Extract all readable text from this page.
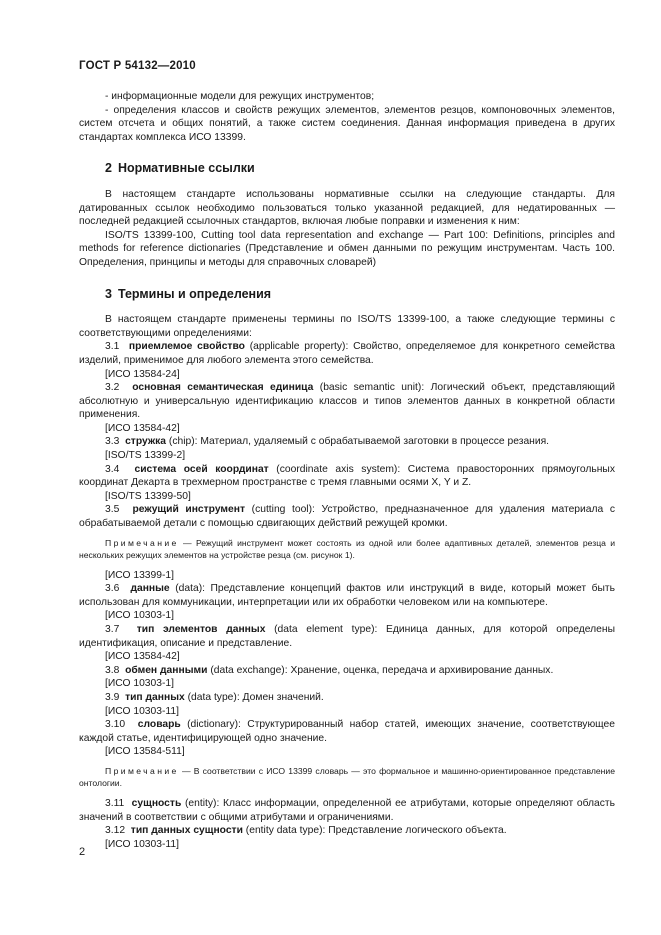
ГОСТ Р 54132—2010

- информационные модели для режущих инструментов;

- определения классов и свойств режущих элементов, элементов резцов, компоновочных элементов, систем отсчета и общих понятий, а также систем соединения. Данная информация приведена в других стандартах комплекса ИСО 13399.

2 Нормативные ссылки

В настоящем стандарте использованы нормативные ссылки на следующие стандарты. Для датированных ссылок необходимо пользоваться только указанной редакцией, для недатированных — последней редакцией ссылочных стандартов, включая любые поправки и изменения к ним:

ISO/TS 13399-100, Cutting tool data representation and exchange — Part 100: Definitions, principles and methods for reference dictionaries (Представление и обмен данными по режущим инструментам. Часть 100. Определения, принципы и методы для справочных словарей)

3 Термины и определения

В настоящем стандарте применены термины по ISO/TS 13399-100, а также следующие термины с соответствующими определениями:

3.1 приемлемое свойство (applicable property): Свойство, определяемое для конкретного семейства изделий, применимое для любого элемента этого семейства.

[ИСО 13584-24]

3.2 основная семантическая единица (basic semantic unit): Логический объект, представляющий абсолютную и универсальную идентификацию классов и типов элементов данных в конкретной области применения.

[ИСО 13584-42]

3.3 стружка (chip): Материал, удаляемый с обрабатываемой заготовки в процессе резания.

[ISO/TS 13399-2]

3.4 система осей координат (coordinate axis system): Система правосторонних прямоугольных координат Декарта в трехмерном пространстве с тремя главными осями X, Y и Z.

[ISO/TS 13399-50]

3.5 режущий инструмент (cutting tool): Устройство, предназначенное для удаления материала с обрабатываемой детали с помощью сдвигающих действий режущей кромки.

Примечание — Режущий инструмент может состоять из одной или более адаптивных деталей, элементов резца и нескольких режущих элементов на устройстве резца (см. рисунок 1).

[ИСО 13399-1]

3.6 данные (data): Представление концепций фактов или инструкций в виде, который может быть использован для коммуникации, интерпретации или их обработки человеком или на компьютере.

[ИСО 10303-1]

3.7 тип элементов данных (data element type): Единица данных, для которой определены идентификация, описание и представление.

[ИСО 13584-42]

3.8 обмен данными (data exchange): Хранение, оценка, передача и архивирование данных.

[ИСО 10303-1]

3.9 тип данных (data type): Домен значений.

[ИСО 10303-11]

3.10 словарь (dictionary): Структурированный набор статей, имеющих значение, соответствующее каждой статье, идентифицирующей одно значение.

[ИСО 13584-511]

Примечание — В соответствии с ИСО 13399 словарь — это формальное и машинно-ориентированное представление онтологии.

3.11 сущность (entity): Класс информации, определенной ее атрибутами, которые определяют область значений в соответствии с общими атрибутами и ограничениями.

3.12 тип данных сущности (entity data type): Представление логического объекта.

[ИСО 10303-11]

2
